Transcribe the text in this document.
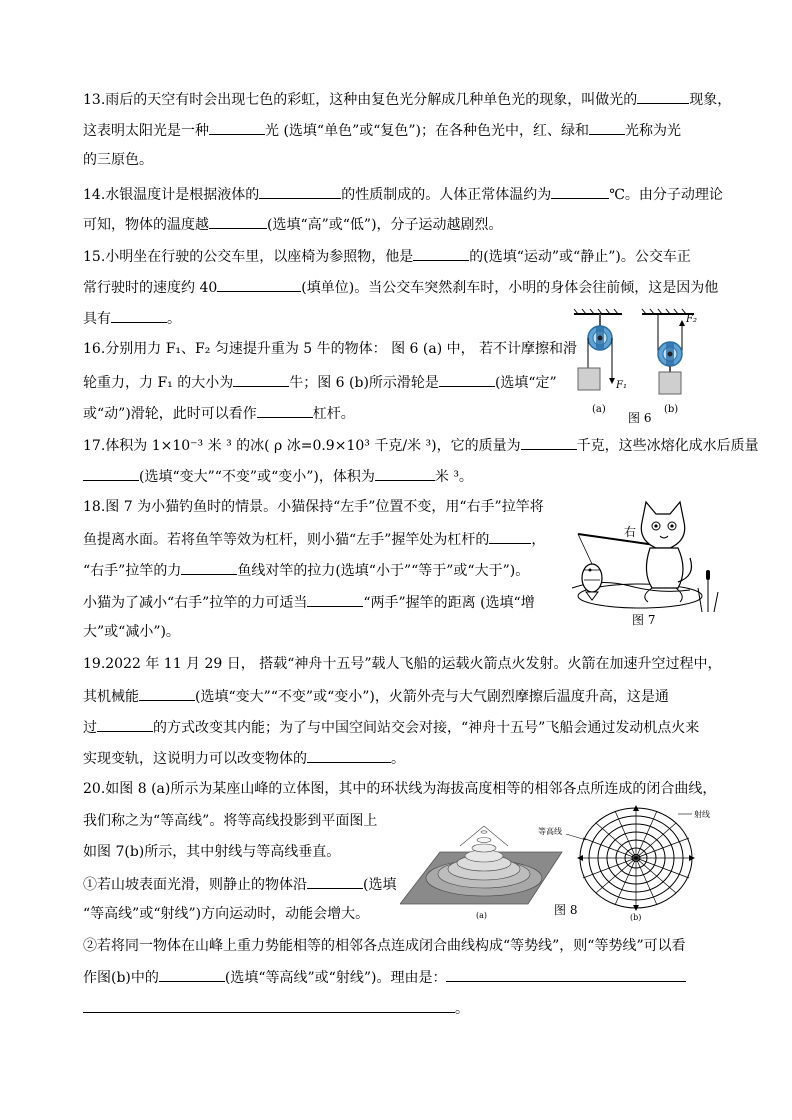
13.雨后的天空有时会出现七色的彩虹，这种由复色光分解成几种单色光的现象，叫做光的	现象，
这表明太阳光是一种	光 (选填“单色”或“复色”)；在各种色光中，红、绿和	光称为光
的三原色。
14.水银温度计是根据液体的	的性质制成的。人体正常体温约为	℃。由分子动理论
可知，物体的温度越	(选填“高”或“低”)，分子运动越剧烈。
15.小明坐在行驶的公交车里，以座椅为参照物，他是	的(选填“运动”或“静止”)。公交车正
常行驶时的速度约 40	(填单位)。当公交车突然刹车时，小明的身体会往前倾，这是因为他
具有	。
16.分别用力 F₁、F₂ 匀速提升重为 5 牛的物体： 图 6 (a) 中， 若不计摩擦和滑
轮重力，力 F₁ 的大小为	牛；图 6 (b)所示滑轮是	(选填“定”
或“动”)滑轮，此时可以看作	杠杆。
F₁
F₂
(a)	(b)
图 6
17.体积为 1×10⁻³ 米 ³ 的冰( ρ 冰=0.9×10³ 千克/米 ³)，它的质量为	千克，这些冰熔化成水后质量
(选填“变大”“不变”或“变小”)，体积为	米 ³。
18.图 7 为小猫钓鱼时的情景。小猫保持“左手”位置不变，用“右手”拉竿将
鱼提离水面。若将鱼竿等效为杠杆，则小猫“左手”握竿处为杠杆的	，
“右手”拉竿的力	鱼线对竿的拉力(选填“小于”“等于”或“大于”)。
小猫为了减小“右手”拉竿的力可适当	“两手”握竿的距离 (选填“增
大”或“减小”)。
右
图 7
19.2022 年 11 月 29 日， 搭载“神舟十五号”载人飞船的运载火箭点火发射。火箭在加速升空过程中，
其机械能	(选填“变大”“不变”或“变小”)，火箭外壳与大气剧烈摩擦后温度升高，这是通
过	的方式改变其内能；为了与中国空间站交会对接，“神舟十五号”飞船会通过发动机点火来
实现变轨，这说明力可以改变物体的	。
20.如图 8 (a)所示为某座山峰的立体图，其中的环状线为海拔高度相等的相邻各点所连成的闭合曲线，
我们称之为“等高线”。将等高线投影到平面图上
如图 7(b)所示，其中射线与等高线垂直。
①若山坡表面光滑，则静止的物体沿	(选填
“等高线”或“射线”)方向运动时，动能会增大。
②若将同一物体在山峰上重力势能相等的相邻各点连成闭合曲线构成“等势线”，则“等势线”可以看
作图(b)中的	(选填“等高线”或“射线”)。理由是：
。
(a)
等高线
射线
(b)
图 8
